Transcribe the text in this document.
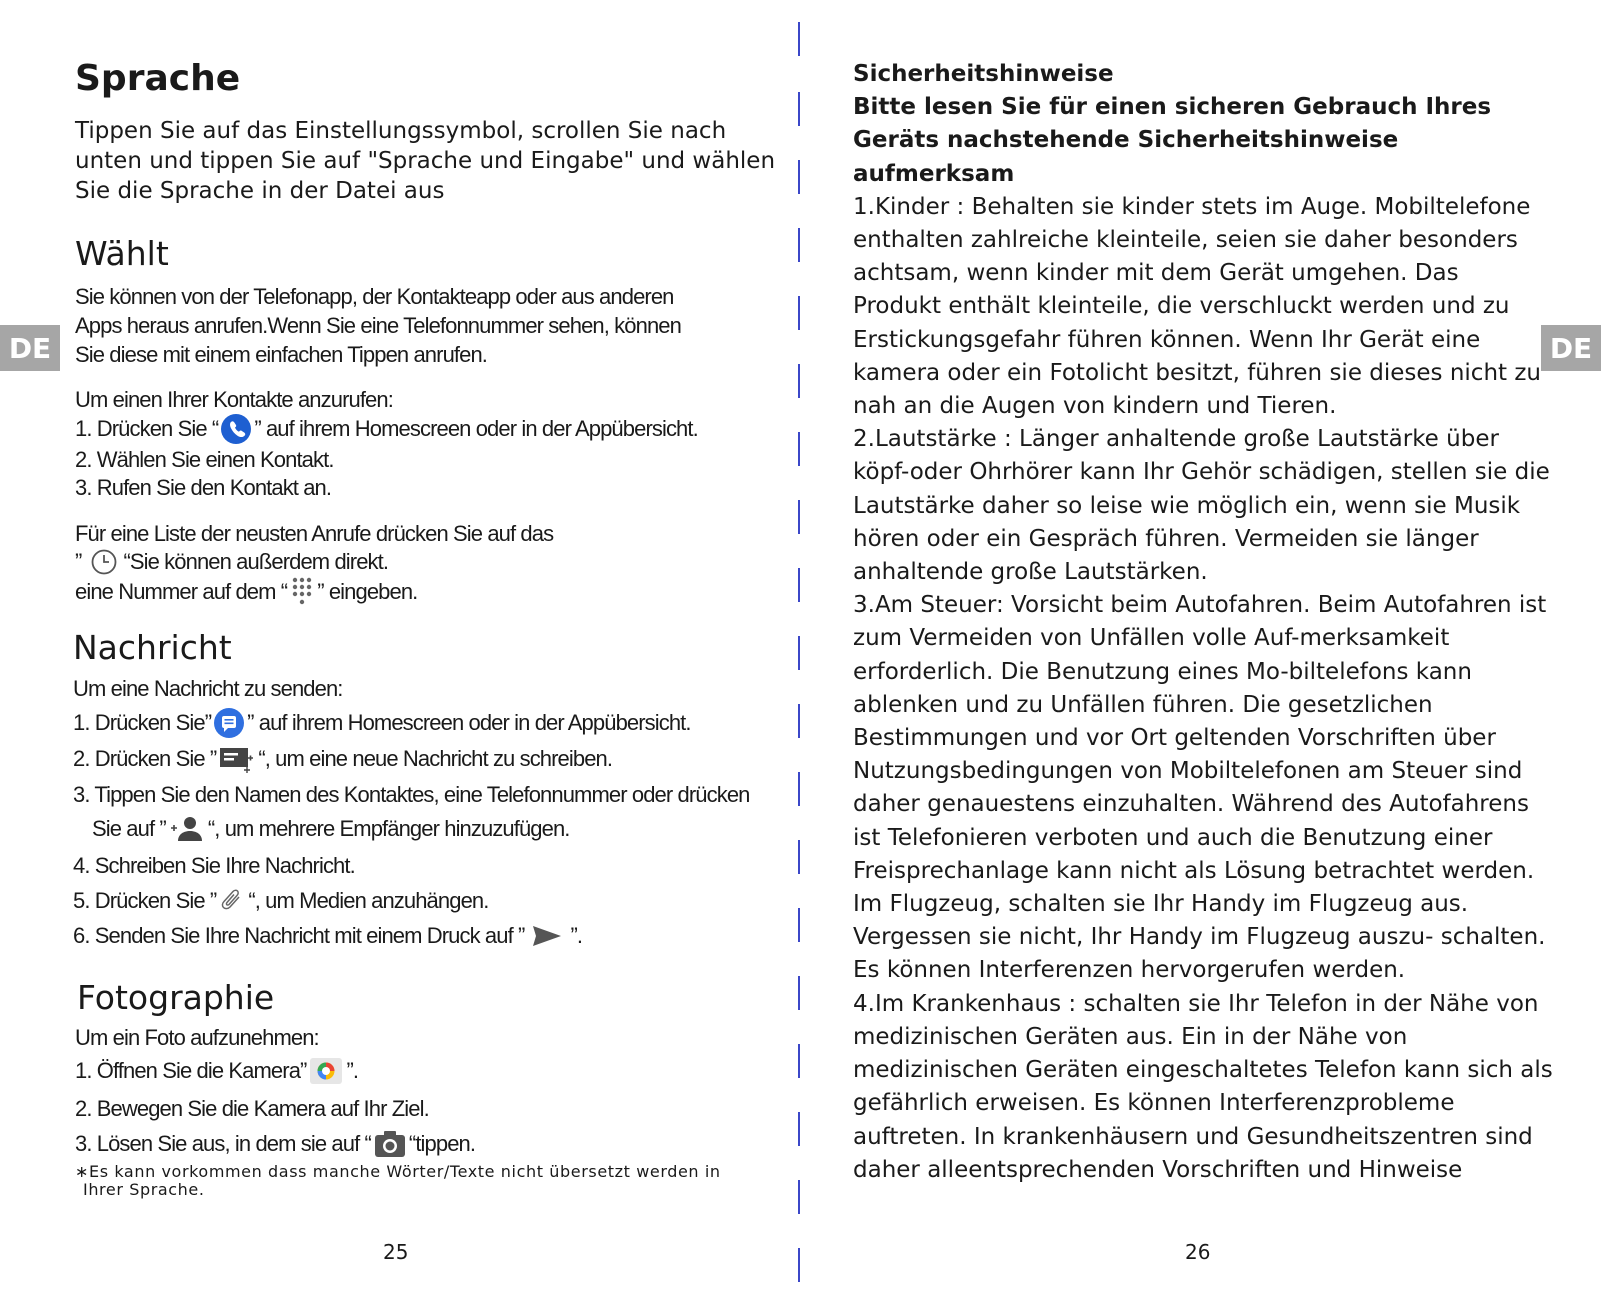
DE	DE
Sprache
Tippen Sie auf das Einstellungssymbol, scrollen Sie nach unten und tippen Sie auf "Sprache und Eingabe" und wählen Sie die Sprache in der Datei aus
Wählt
Sie können von der Telefonapp, der Kontakteapp oder aus anderen
Apps heraus anrufen.Wenn Sie eine Telefonnummer sehen, können
Sie diese mit einem einfachen Tippen anrufen.
Um einen Ihrer Kontakte anzurufen:
1. Drücken Sie “ ” auf ihrem Homescreen oder in der Appübersicht.
2. Wählen Sie einen Kontakt.
3. Rufen Sie den Kontakt an.
Für eine Liste der neusten Anrufe drücken Sie auf das
” “Sie können außerdem direkt.
eine Nummer auf dem “ ” eingeben.
Nachricht
Um eine Nachricht zu senden:
1. Drücken Sie” ” auf ihrem Homescreen oder in der Appübersicht.
2. Drücken Sie ” “, um eine neue Nachricht zu schreiben.
3. Tippen Sie den Namen des Kontaktes, eine Telefonnummer oder drücken
Sie auf ” “, um mehrere Empfänger hinzuzufügen.
4. Schreiben Sie Ihre Nachricht.
5. Drücken Sie ” “, um Medien anzuhängen.
6. Senden Sie Ihre Nachricht mit einem Druck auf ” ”.
Fotographie
Um ein Foto aufzunehmen:
1. Öffnen Sie die Kamera” ”.
2. Bewegen Sie die Kamera auf Ihr Ziel.
3. Lösen Sie aus, in dem sie auf “ “tippen.
∗Es kann vorkommen dass manche Wörter/Texte nicht übersetzt werden in
Ihrer Sprache.
25

Sicherheitshinweise

Bitte lesen Sie für einen sicheren Gebrauch Ihres Geräts nachstehende Sicherheitshinweise aufmerksam

1.Kinder : Behalten sie kinder stets im Auge. Mobiltelefone enthalten zahlreiche kleinteile, seien sie daher besonders achtsam, wenn kinder mit dem Gerät umgehen. Das Produkt enthält kleinteile, die verschluckt werden und zu Erstickungsgefahr führen können. Wenn Ihr Gerät eine kamera oder ein Fotolicht besitzt, führen sie dieses nicht zu nah an die Augen von kindern und Tieren.

2.Lautstärke : Länger anhaltende große Lautstärke über köpf-oder Ohrhörer kann Ihr Gehör schädigen, stellen sie die Lautstärke daher so leise wie möglich ein, wenn sie Musik hören oder ein Gespräch führen. Vermeiden sie länger anhaltende große Lautstärken.

3.Am Steuer: Vorsicht beim Autofahren. Beim Autofahren ist zum Vermeiden von Unfällen volle Auf-merksamkeit erforderlich. Die Benutzung eines Mo-biltelefons kann ablenken und zu Unfällen führen. Die gesetzlichen Bestimmungen und vor Ort geltenden Vorschriften über Nutzungsbedingungen von Mobiltelefonen am Steuer sind daher genauestens einzuhalten. Während des Autofahrens ist Telefonieren verboten und auch die Benutzung einer Freisprechanlage kann nicht als Lösung betrachtet werden. Im Flugzeug, schalten sie Ihr Handy im Flugzeug aus. Vergessen sie nicht, Ihr Handy im Flugzeug auszu- schalten. Es können Interferenzen hervorgerufen werden.

4.Im Krankenhaus : schalten sie Ihr Telefon in der Nähe von medizinischen Geräten aus. Ein in der Nähe von medizinischen Geräten eingeschaltetes Telefon kann sich als gefährlich erweisen. Es können Interferenzprobleme auftreten. In krankenhäusern und Gesundheitszentren sind daher alleentsprechenden Vorschriften und Hinweise

26
